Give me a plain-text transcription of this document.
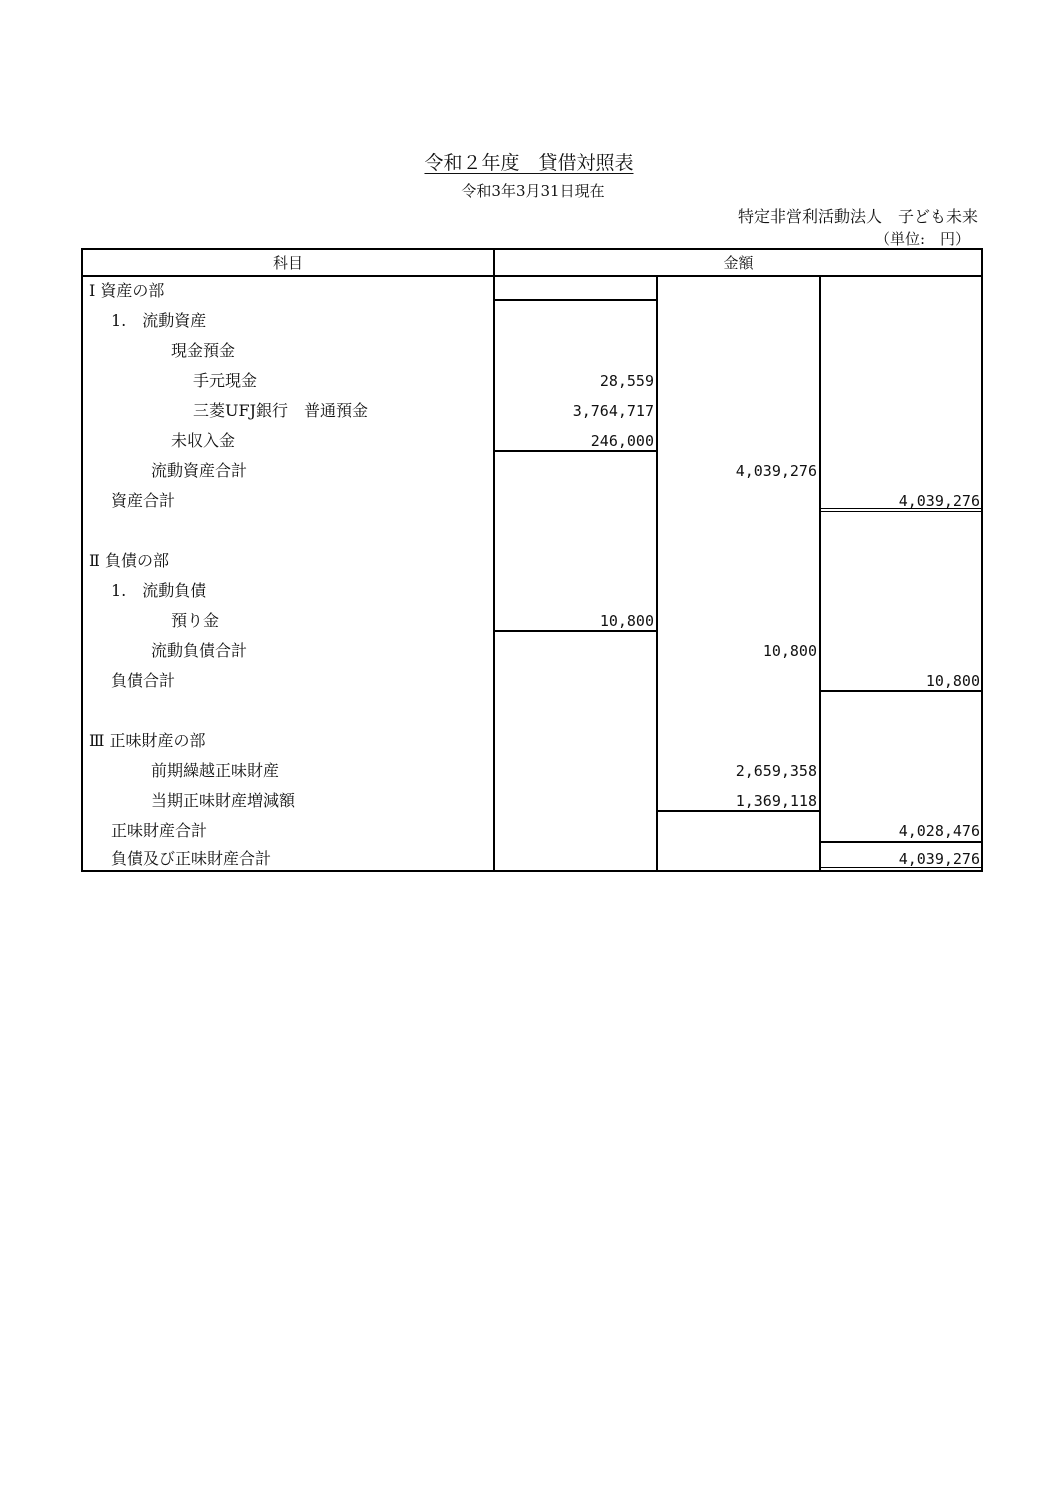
令和２年度　貸借対照表
令和3年3月31日現在
特定非営利活動法人　子ども未来
（単位:　円）
科目	金額
Ⅰ 資産の部
1.　流動資産
現金預金
手元現金	28,559
三菱UFJ銀行　普通預金	3,764,717
未収入金	246,000
流動資産合計	4,039,276
資産合計	4,039,276
Ⅱ 負債の部
1.　流動負債
預り金	10,800
流動負債合計	10,800
負債合計	10,800
Ⅲ 正味財産の部
前期繰越正味財産	2,659,358
当期正味財産増減額	1,369,118
正味財産合計	4,028,476
負債及び正味財産合計	4,039,276
